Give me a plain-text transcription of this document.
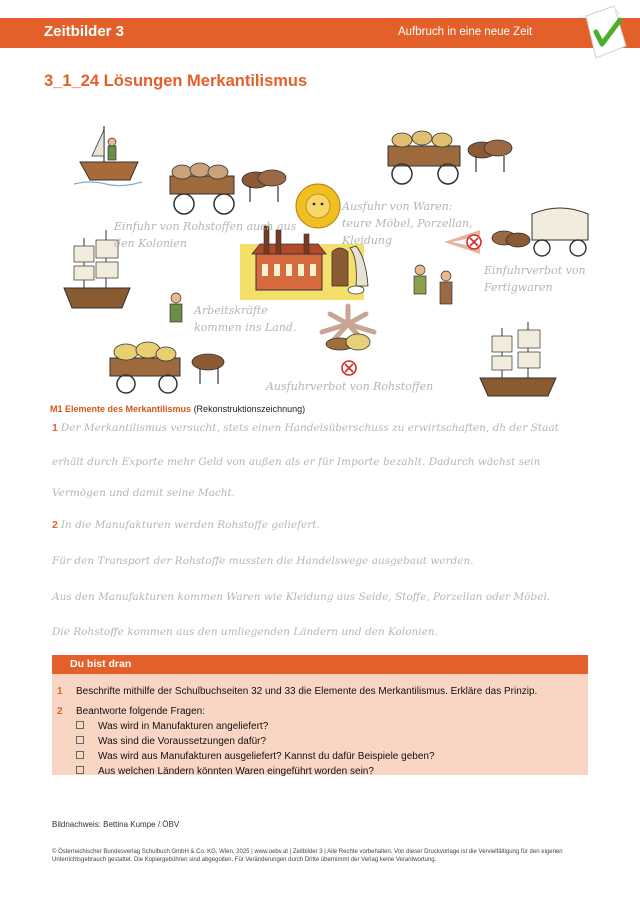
Zeitbilder 3	Aufbruch in eine neue Zeit
3_1_24 Lösungen Merkantilismus
Einfuhr von Rohstoffen auch aus
den Kolonien
Ausfuhr von Waren:
teure Möbel, Porzellan,
Kleidung
Einfuhrverbot von
Fertigwaren
Arbeitskräfte
kommen ins Land.
Ausfuhrverbot von Rohstoffen
M1 Elemente des Merkantilismus (Rekonstruktionszeichnung)
1 Der Merkantilismus versucht, stets einen Handelsüberschuss zu erwirtschaften, dh der Staat
erhält durch Exporte mehr Geld von außen als er für Importe bezahlt. Dadurch wächst sein
Vermögen und damit seine Macht.
2 In die Manufakturen werden Rohstoffe geliefert.
Für den Transport der Rohstoffe mussten die Handelswege ausgebaut werden.
Aus den Manufakturen kommen Waren wie Kleidung aus Seide, Stoffe, Porzellan oder Möbel.
Die Rohstoffe kommen aus den umliegenden Ländern und den Kolonien.
Du bist dran
1 Beschrifte mithilfe der Schulbuchseiten 32 und 33 die Elemente des Merkantilismus. Erkläre das Prinzip.
2 Beantworte folgende Fragen:
Was wird in Manufakturen angeliefert?
Was sind die Voraussetzungen dafür?
Was wird aus Manufakturen ausgeliefert? Kannst du dafür Beispiele geben?
Aus welchen Ländern könnten Waren eingeführt worden sein?
Bildnachweis: Bettina Kumpe / ÖBV
© Österreichischer Bundesverlag Schulbuch GmbH & Co. KG, Wien, 2025 | www.oebv.at | Zeitbilder 3 | Alle Rechte vorbehalten. Von dieser Druckvorlage ist die Vervielfältigung für den eigenen Unterrichtsgebrauch gestattet. Die Kopiergebühren sind abgegolten. Für Veränderungen durch Dritte übernimmt der Verlag keine Verantwortung.
